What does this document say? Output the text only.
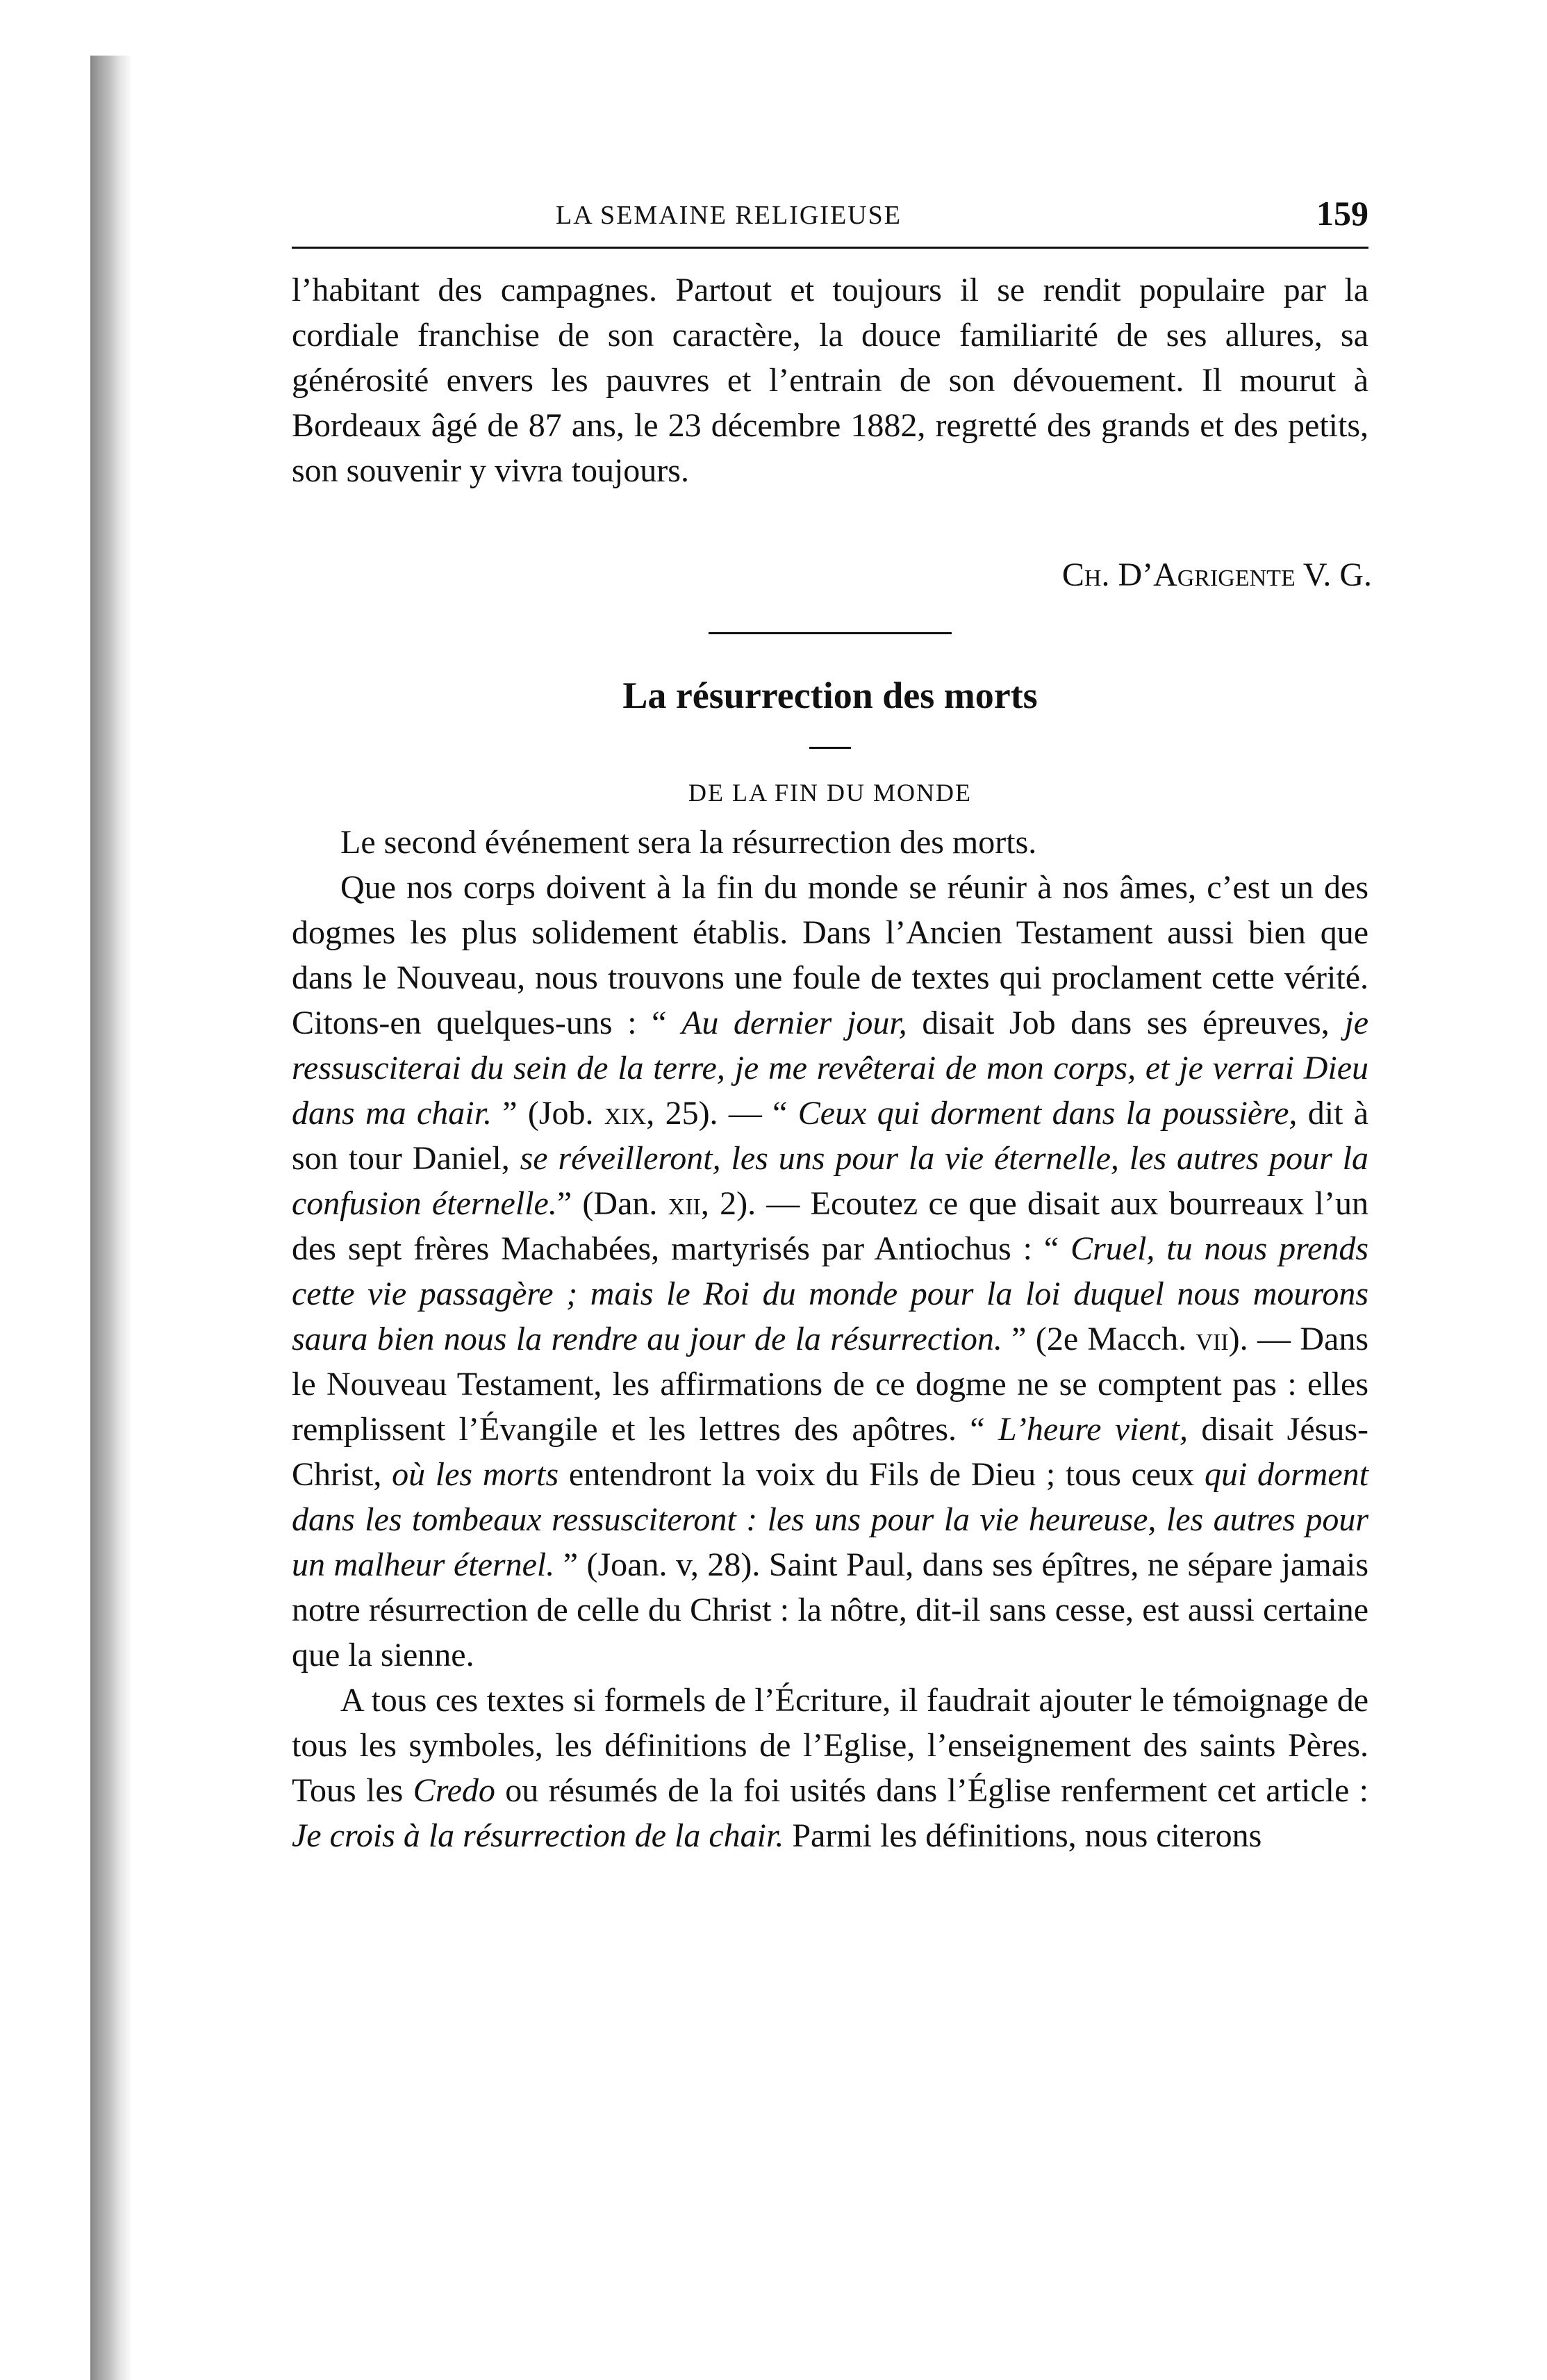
LA SEMAINE RELIGIEUSE	159

l’habitant des campagnes. Partout et toujours il se rendit populaire par la cordiale franchise de son caractère, la douce familiarité de ses allures, sa générosité envers les pauvres et l’entrain de son dévouement. Il mourut à Bordeaux âgé de 87 ans, le 23 décembre 1882, regretté des grands et des petits, son souvenir y vivra toujours.

Ch. D’Agrigente V. G.
La résurrection des morts
DE LA FIN DU MONDE

Le second événement sera la résurrection des morts.

Que nos corps doivent à la fin du monde se réunir à nos âmes, c’est un des dogmes les plus solidement établis. Dans l’Ancien Testament aussi bien que dans le Nouveau, nous trouvons une foule de textes qui proclament cette vérité. Citons-en quelques-uns : “ Au dernier jour, disait Job dans ses épreuves, je ressusciterai du sein de la terre, je me revêterai de mon corps, et je verrai Dieu dans ma chair. ” (Job. xix, 25). — “ Ceux qui dorment dans la poussière, dit à son tour Daniel, se réveilleront, les uns pour la vie éternelle, les autres pour la confusion éternelle.” (Dan. xii, 2). — Ecoutez ce que disait aux bourreaux l’un des sept frères Machabées, martyrisés par Antiochus : “ Cruel, tu nous prends cette vie passagère ; mais le Roi du monde pour la loi duquel nous mourons saura bien nous la rendre au jour de la résurrection. ” (2e Macch. vii). — Dans le Nouveau Testament, les affirmations de ce dogme ne se comptent pas : elles remplissent l’Évangile et les lettres des apôtres. “ L’heure vient, disait Jésus-Christ, où les morts entendront la voix du Fils de Dieu ; tous ceux qui dorment dans les tombeaux ressusciteront : les uns pour la vie heureuse, les autres pour un malheur éternel. ” (Joan. v, 28). Saint Paul, dans ses épîtres, ne sépare jamais notre résurrection de celle du Christ : la nôtre, dit-il sans cesse, est aussi certaine que la sienne.

A tous ces textes si formels de l’Écriture, il faudrait ajouter le témoignage de tous les symboles, les définitions de l’Eglise, l’enseignement des saints Pères. Tous les Credo ou résumés de la foi usités dans l’Église renferment cet article : Je crois à la résurrection de la chair. Parmi les définitions, nous citerons
